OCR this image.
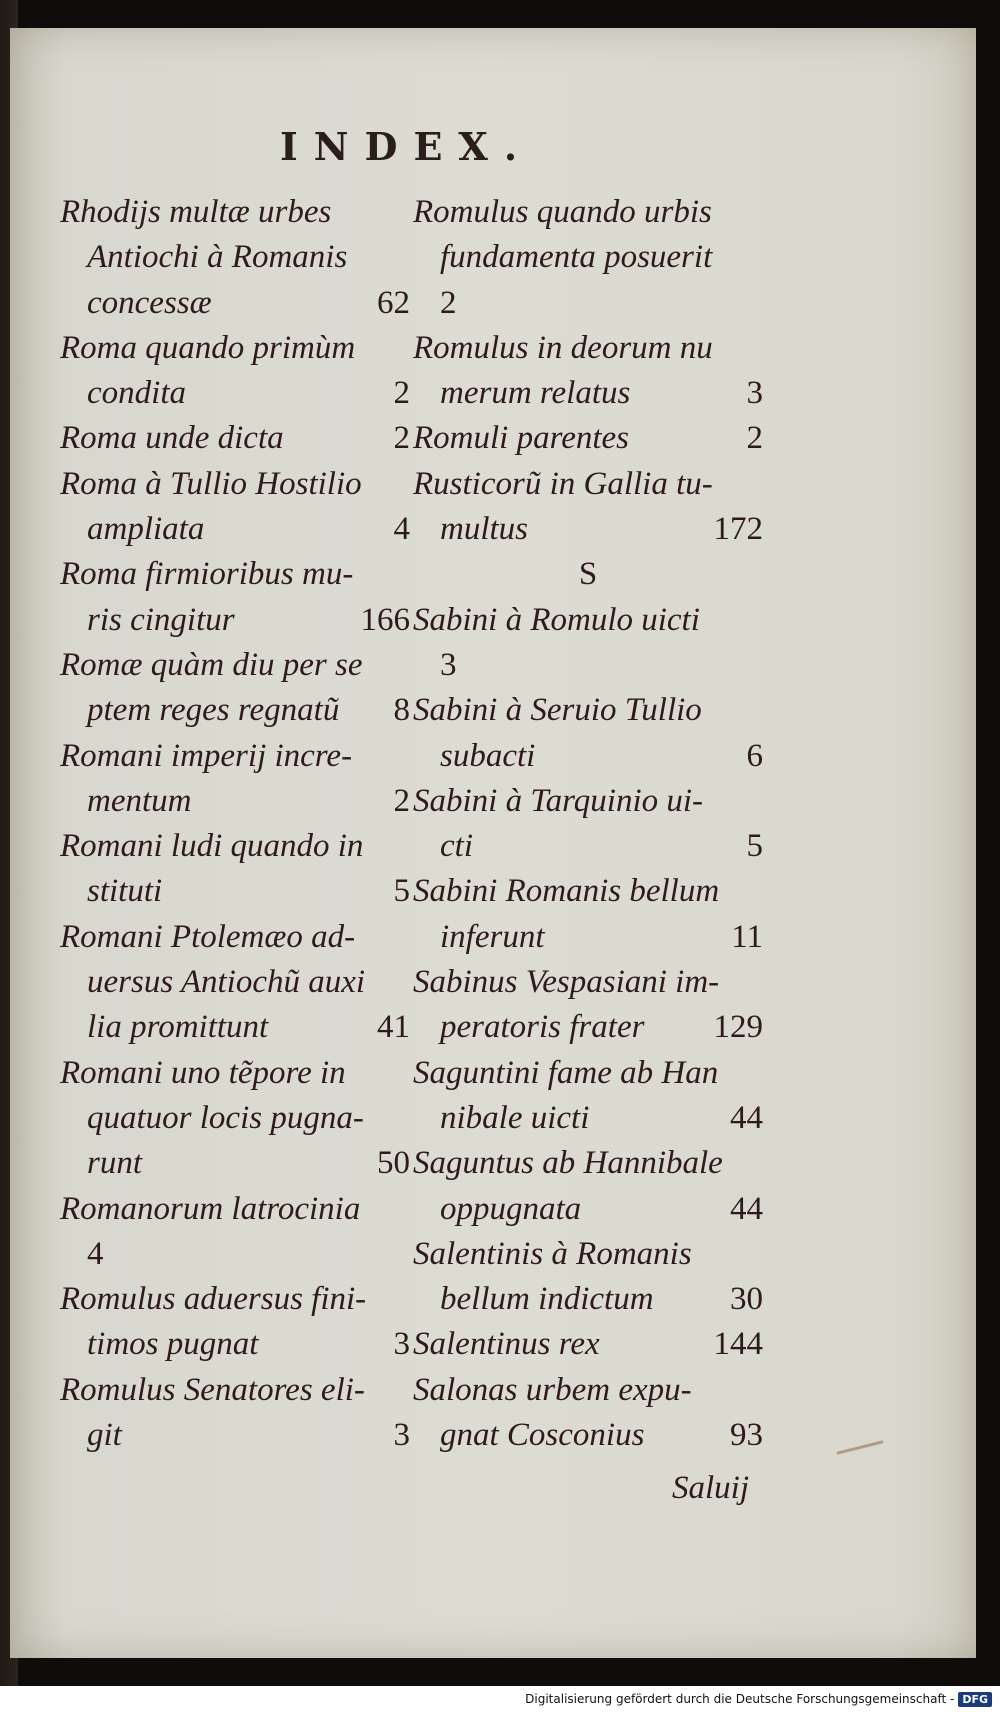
INDEX.
Rhodijs multæ urbes
Antiochi à Romanis
concessæ	62
Roma quando primùm
condita	2
Roma unde dicta	2
Roma à Tullio Hostilio
ampliata	4
Roma firmioribus mu-
ris cingitur	166
Romæ quàm diu per se
ptem reges regnatũ	8
Romani imperij incre-
mentum	2
Romani ludi quando in
stituti	5
Romani Ptolemæo ad-
uersus Antiochũ auxi
lia promittunt	41
Romani uno tẽpore in
quatuor locis pugna-
runt	50
Romanorum latrocinia
4
Romulus aduersus fini-
timos pugnat	3
Romulus Senatores eli-
git	3
Romulus quando urbis
fundamenta posuerit
2
Romulus in deorum nu
merum relatus	3
Romuli parentes	2
Rusticorũ in Gallia tu-
multus	172
S
Sabini à Romulo uicti
3
Sabini à Seruio Tullio
subacti	6
Sabini à Tarquinio ui-
cti	5
Sabini Romanis bellum
inferunt	11
Sabinus Vespasiani im-
peratoris frater	129
Saguntini fame ab Han
nibale uicti	44
Saguntus ab Hannibale
oppugnata	44
Salentinis à Romanis
bellum indictum	30
Salentinus rex	144
Salonas urbem expu-
gnat Cosconius	93
Saluij
Digitalisierung gefördert durch die Deutsche Forschungsgemeinschaft - DFG
